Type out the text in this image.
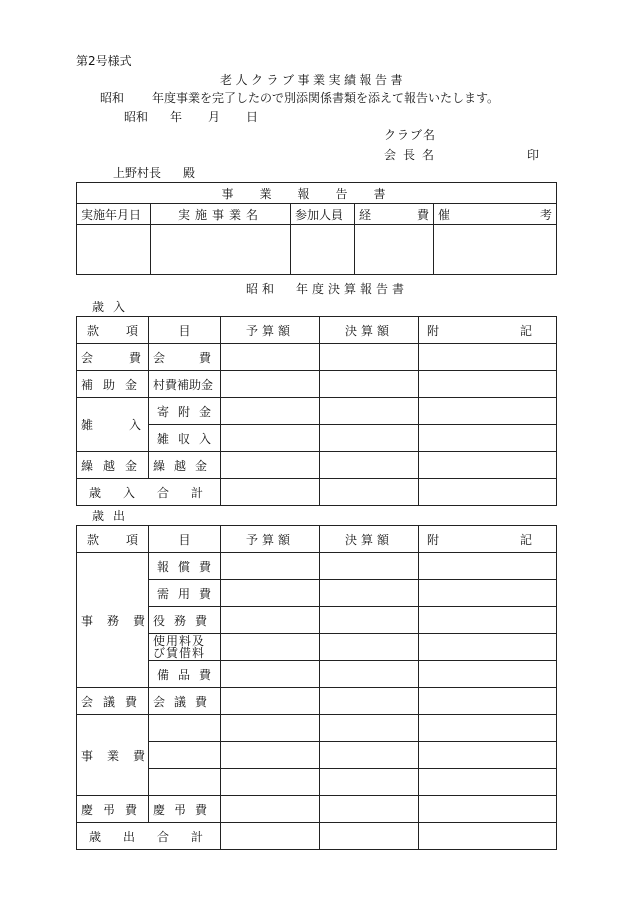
第2号様式
老人クラブ事業実績報告書
昭和 年度事業を完了したので別添関係書類を添えて報告いたします。
昭和 年 月 日
クラブ名
会長名	印
上野村長 殿
事業報告書				
実施年月日	実施事業名	参加人員	経 費	催 考

昭和 年度決算報告書
歳入
款 項	目	予算額	決算額	附 記

会費	会費			
補助金	村費補助金			
雑入	寄附金			
	雑収入			
繰越金	繰越金			
歳入合計				
歳出
款 項	目	予算額	決算額	附 記

事務費	報償費			
	需用費			
	役務費			

	使用料及
び賃借料			

	備品費			
会議費	会議費			
事業費				

慶弔費	慶弔費			
歳出合計				
